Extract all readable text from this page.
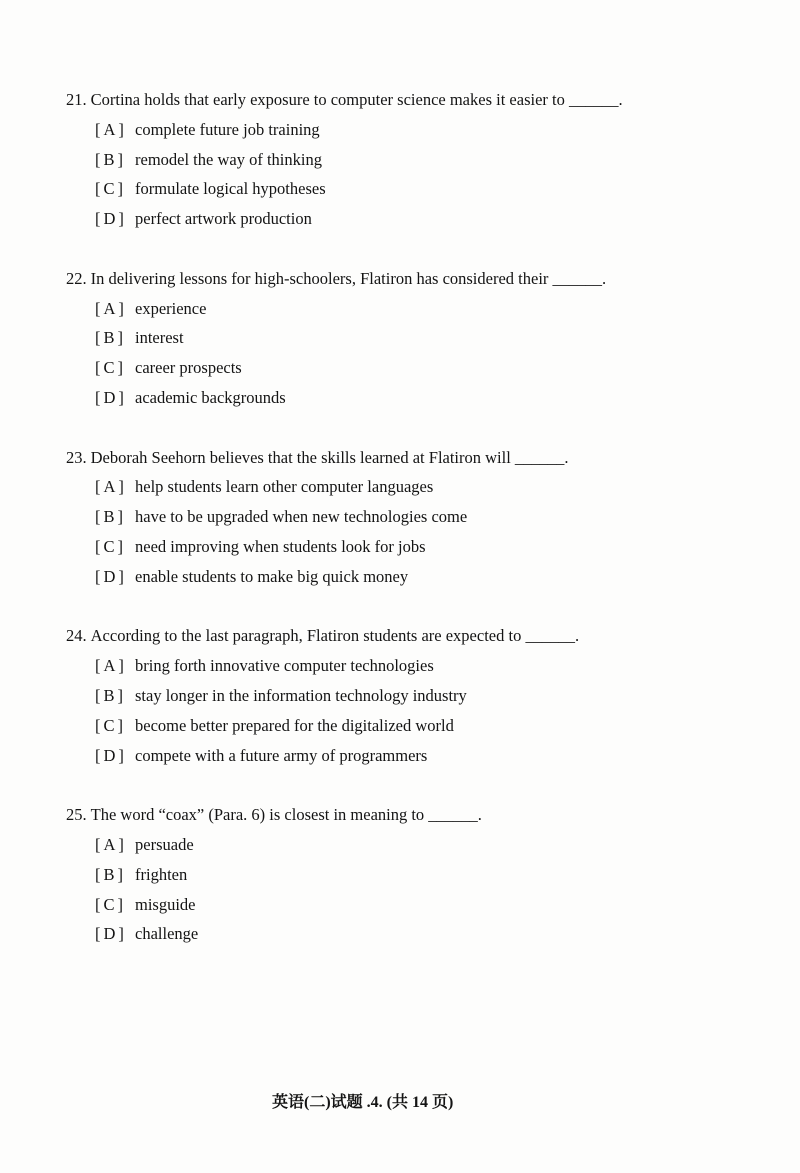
21. Cortina holds that early exposure to computer science makes it easier to ______.
[A] complete future job training
[B] remodel the way of thinking
[C] formulate logical hypotheses
[D] perfect artwork production
22. In delivering lessons for high-schoolers, Flatiron has considered their ______.
[A] experience
[B] interest
[C] career prospects
[D] academic backgrounds
23. Deborah Seehorn believes that the skills learned at Flatiron will ______.
[A] help students learn other computer languages
[B] have to be upgraded when new technologies come
[C] need improving when students look for jobs
[D] enable students to make big quick money
24. According to the last paragraph, Flatiron students are expected to ______.
[A] bring forth innovative computer technologies
[B] stay longer in the information technology industry
[C] become better prepared for the digitalized world
[D] compete with a future army of programmers
25. The word “coax” (Para. 6) is closest in meaning to ______.
[A] persuade
[B] frighten
[C] misguide
[D] challenge
英语(二)试题 .4. (共 14 页)
